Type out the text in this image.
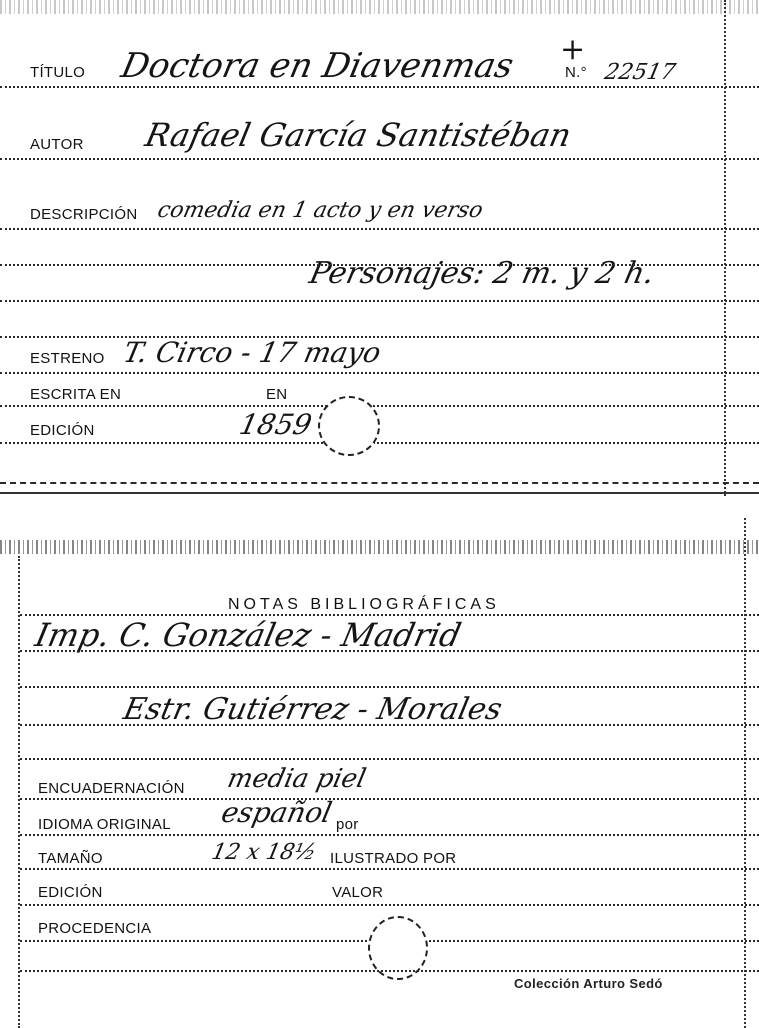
+
TÍTULO Doctora en Diavenmas	N.° 22517
AUTOR Rafael García Santistéban
DESCRIPCIÓN comedia en 1 acto y en verso
Personajes: 2 m. y 2 h.
ESTRENO T. Circo - 17 mayo
ESCRITA EN	EN
EDICIÓN	1859
NOTAS BIBLIOGRÁFICAS
Imp. C. González - Madrid
Estr. Gutiérrez - Morales
ENCUADERNACIÓN media piel
IDIOMA ORIGINAL español por
TAMAÑO	12 x 18½ ILUSTRADO POR
EDICIÓN	VALOR
PROCEDENCIA
Colección Arturo Sedó
